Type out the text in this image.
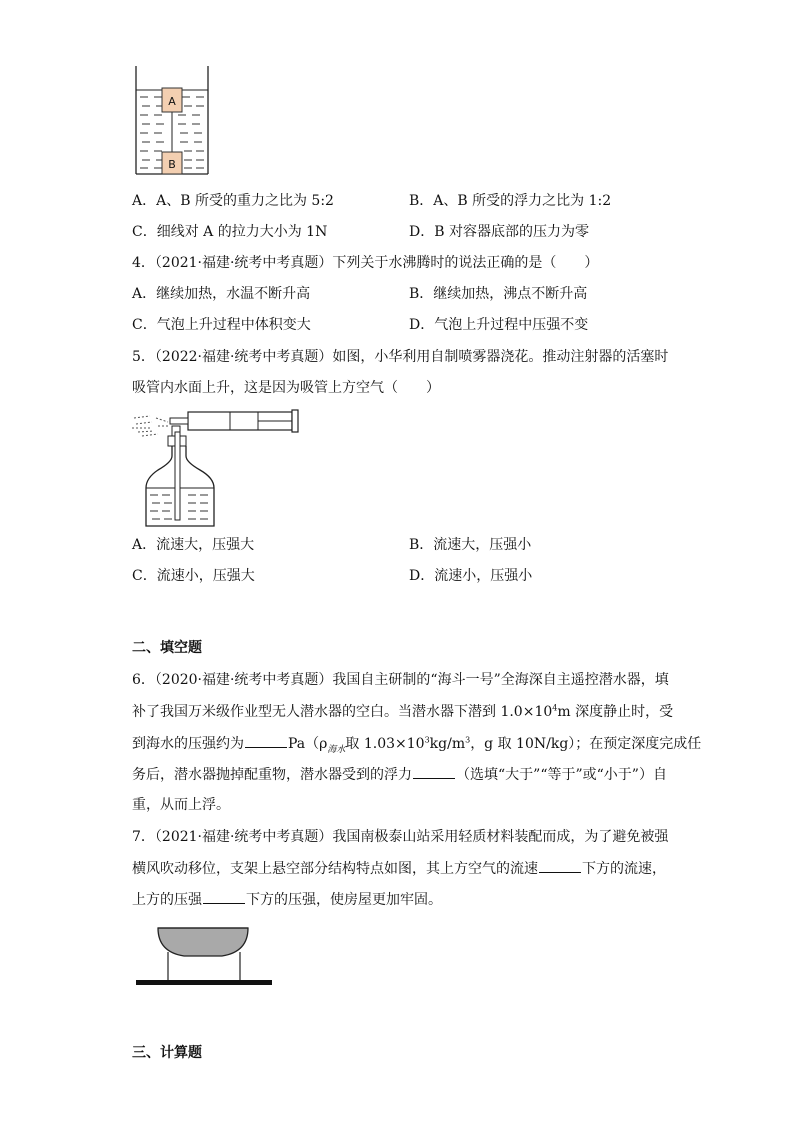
A
B
A．A、B 所受的重力之比为 5:2	B．A、B 所受的浮力之比为 1:2
C．细线对 A 的拉力大小为 1N	D．B 对容器底部的压力为零
4．（2021·福建·统考中考真题）下列关于水沸腾时的说法正确的是（　　）
A．继续加热，水温不断升高	B．继续加热，沸点不断升高
C．气泡上升过程中体积变大	D．气泡上升过程中压强不变
5．（2022·福建·统考中考真题）如图，小华利用自制喷雾器浇花。推动注射器的活塞时
吸管内水面上升，这是因为吸管上方空气（　　）
A．流速大，压强大	B．流速大，压强小
C．流速小，压强大	D．流速小，压强小
二、填空题
6．（2020·福建·统考中考真题）我国自主研制的“海斗一号”全海深自主遥控潜水器，填
补了我国万米级作业型无人潜水器的空白。当潜水器下潜到 $1.0\times 10^4m$ 深度静止时，受
到海水的压强约为	$Pa(\rho_{海水}$取 $1.03\times 10^3kg/m^3$，g 取 10N/kg）；在预定深度完成任
务后，潜水器抛掉配重物，潜水器受到的浮力	（选填“大于”“等于”或“小于”）自
重，从而上浮。
7．（2021·福建·统考中考真题）我国南极泰山站采用轻质材料装配而成，为了避免被强
横风吹动移位，支架上悬空部分结构特点如图，其上方空气的流速	下方的流速，
上方的压强	下方的压强，使房屋更加牢固。
三、计算题
